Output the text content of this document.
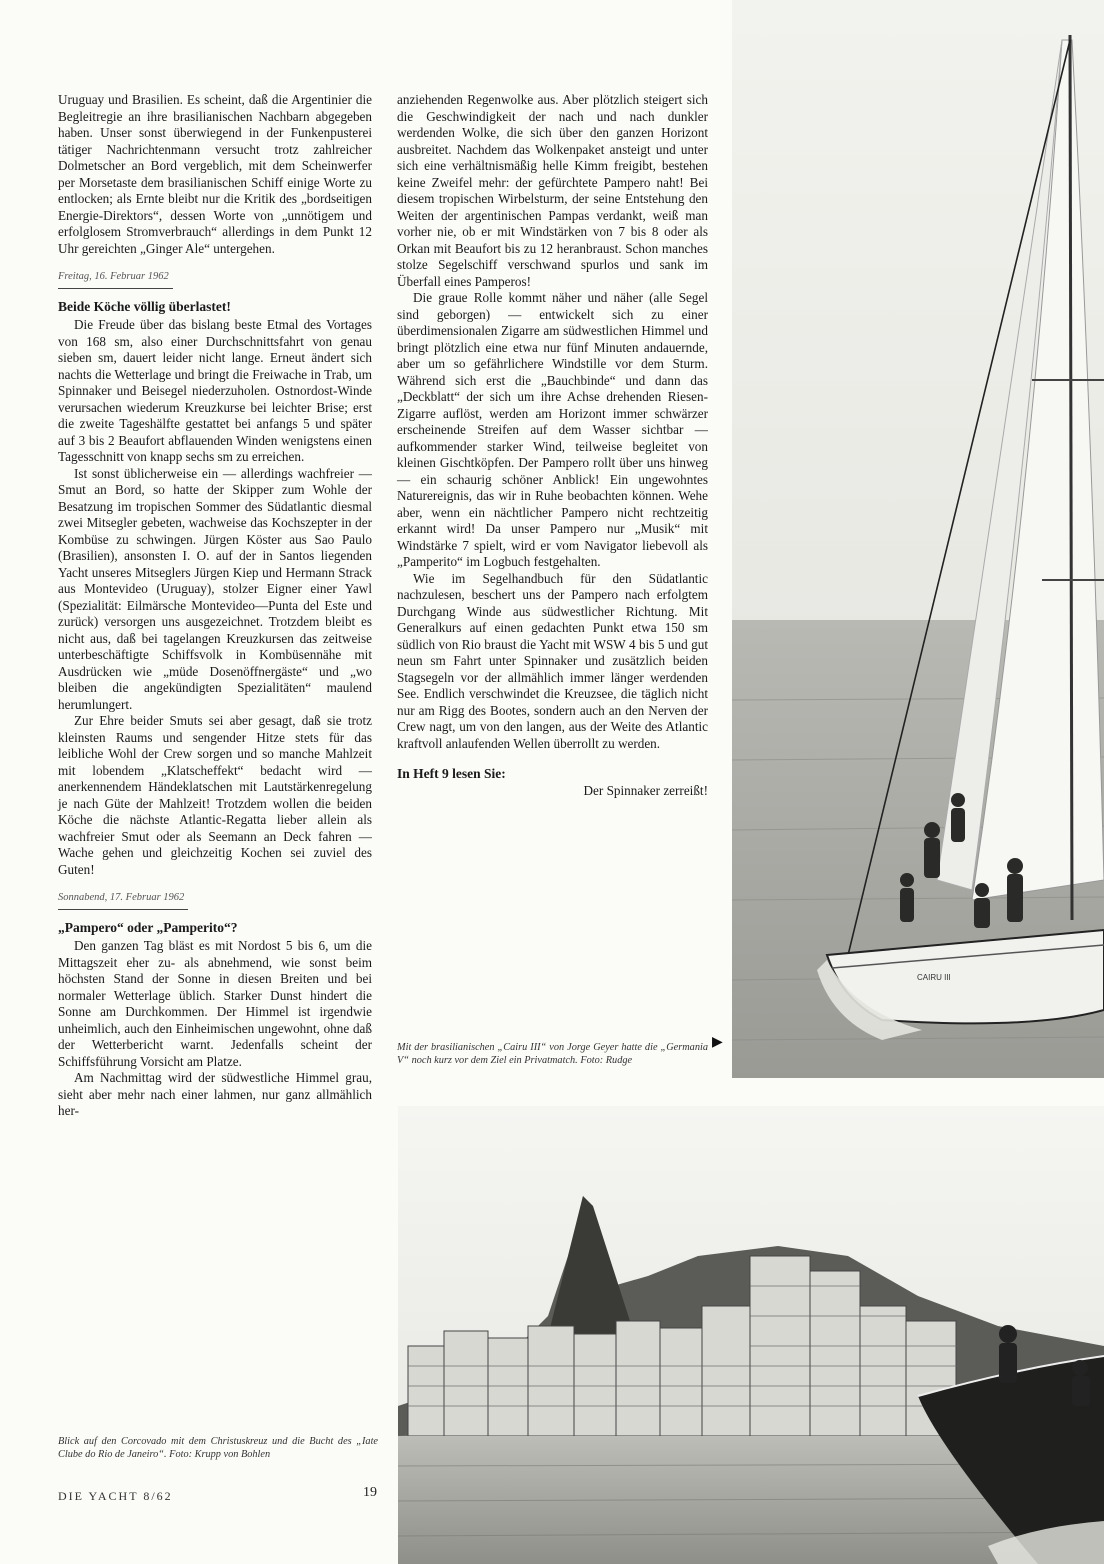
Uruguay und Brasilien. Es scheint, daß die Argentinier die Begleitregie an ihre brasilianischen Nachbarn abgegeben haben. Unser sonst überwiegend in der Funkenpusterei tätiger Nachrichtenmann versucht trotz zahlreicher Dolmetscher an Bord vergeblich, mit dem Scheinwerfer per Morsetaste dem brasilianischen Schiff einige Worte zu entlocken; als Ernte bleibt nur die Kritik des „bordseitigen Energie-Direktors“, dessen Worte von „unnötigem und erfolglosem Stromverbrauch“ allerdings in dem Punkt 12 Uhr gereichten „Ginger Ale“ untergehen.

Freitag, 16. Februar 1962
Beide Köche völlig überlastet!

Die Freude über das bislang beste Etmal des Vortages von 168 sm, also einer Durchschnittsfahrt von genau sieben sm, dauert leider nicht lange. Erneut ändert sich nachts die Wetterlage und bringt die Freiwache in Trab, um Spinnaker und Beisegel niederzuholen. Ostnordost-Winde verursachen wiederum Kreuzkurse bei leichter Brise; erst die zweite Tageshälfte gestattet bei anfangs 5 und später auf 3 bis 2 Beaufort abflauenden Winden wenigstens einen Tagesschnitt von knapp sechs sm zu erreichen.

Ist sonst üblicherweise ein — allerdings wachfreier — Smut an Bord, so hatte der Skipper zum Wohle der Besatzung im tropischen Sommer des Südatlantic diesmal zwei Mitsegler gebeten, wachweise das Kochszepter in der Kombüse zu schwingen. Jürgen Köster aus Sao Paulo (Brasilien), ansonsten I. O. auf der in Santos liegenden Yacht unseres Mitseglers Jürgen Kiep und Hermann Strack aus Montevideo (Uruguay), stolzer Eigner einer Yawl (Spezialität: Eilmärsche Montevideo—Punta del Este und zurück) versorgen uns ausgezeichnet. Trotzdem bleibt es nicht aus, daß bei tagelangen Kreuzkursen das zeitweise unterbeschäftigte Schiffsvolk in Kombüsennähe mit Ausdrücken wie „müde Dosenöffnergäste“ und „wo bleiben die angekündigten Spezialitäten“ maulend herumlungert.

Zur Ehre beider Smuts sei aber gesagt, daß sie trotz kleinsten Raums und sengender Hitze stets für das leibliche Wohl der Crew sorgen und so manche Mahlzeit mit lobendem „Klatscheffekt“ bedacht wird — anerkennendem Händeklatschen mit Lautstärkenregelung je nach Güte der Mahlzeit! Trotzdem wollen die beiden Köche die nächste Atlantic-Regatta lieber allein als wachfreier Smut oder als Seemann an Deck fahren — Wache gehen und gleichzeitig Kochen sei zuviel des Guten!

Sonnabend, 17. Februar 1962
„Pampero“ oder „Pamperito“?

Den ganzen Tag bläst es mit Nordost 5 bis 6, um die Mittagszeit eher zu- als abnehmend, wie sonst beim höchsten Stand der Sonne in diesen Breiten und bei normaler Wetterlage üblich. Starker Dunst hindert die Sonne am Durchkommen. Der Himmel ist irgendwie unheimlich, auch den Einheimischen ungewohnt, ohne daß der Wetterbericht warnt. Jedenfalls scheint der Schiffsführung Vorsicht am Platze.

Am Nachmittag wird der südwestliche Himmel grau, sieht aber mehr nach einer lahmen, nur ganz allmählich her-

anziehenden Regenwolke aus. Aber plötzlich steigert sich die Geschwindigkeit der nach und nach dunkler werdenden Wolke, die sich über den ganzen Horizont ausbreitet. Nachdem das Wolkenpaket ansteigt und unter sich eine verhältnismäßig helle Kimm freigibt, bestehen keine Zweifel mehr: der gefürchtete Pampero naht! Bei diesem tropischen Wirbelsturm, der seine Entstehung den Weiten der argentinischen Pampas verdankt, weiß man vorher nie, ob er mit Windstärken von 7 bis 8 oder als Orkan mit Beaufort bis zu 12 heranbraust. Schon manches stolze Segelschiff verschwand spurlos und sank im Überfall eines Pamperos!

Die graue Rolle kommt näher und näher (alle Segel sind geborgen) — entwickelt sich zu einer überdimensionalen Zigarre am südwestlichen Himmel und bringt plötzlich eine etwa nur fünf Minuten andauernde, aber um so gefährlichere Windstille vor dem Sturm. Während sich erst die „Bauchbinde“ und dann das „Deckblatt“ der sich um ihre Achse drehenden Riesen-Zigarre auflöst, werden am Horizont immer schwärzer erscheinende Streifen auf dem Wasser sichtbar — aufkommender starker Wind, teilweise begleitet von kleinen Gischtköpfen. Der Pampero rollt über uns hinweg — ein schaurig schöner Anblick! Ein ungewohntes Naturereignis, das wir in Ruhe beobachten können. Wehe aber, wenn ein nächtlicher Pampero nicht rechtzeitig erkannt wird! Da unser Pampero nur „Musik“ mit Windstärke 7 spielt, wird er vom Navigator liebevoll als „Pamperito“ im Logbuch festgehalten.

Wie im Segelhandbuch für den Südatlantic nachzulesen, beschert uns der Pampero nach erfolgtem Durchgang Winde aus südwestlicher Richtung. Mit Generalkurs auf einen gedachten Punkt etwa 150 sm südlich von Rio braust die Yacht mit WSW 4 bis 5 und gut neun sm Fahrt unter Spinnaker und zusätzlich beiden Stagsegeln vor der allmählich immer länger werdenden See. Endlich verschwindet die Kreuzsee, die täglich nicht nur am Rigg des Bootes, sondern auch an den Nerven der Crew nagt, um von den langen, aus der Weite des Atlantic kraftvoll anlaufenden Wellen überrollt zu werden.

In Heft 9 lesen Sie:
Der Spinnaker zerreißt!
Mit der brasilianischen „Cairu III“ von Jorge Geyer hatte die „Germania V“ noch kurz vor dem Ziel ein Privatmatch. Foto: Rudge
▶
Blick auf den Corcovado mit dem Christuskreuz und die Bucht des „Iate Clube do Rio de Janeiro“. Foto: Krupp von Bohlen
DIE YACHT 8/62	19
CAIRU III
